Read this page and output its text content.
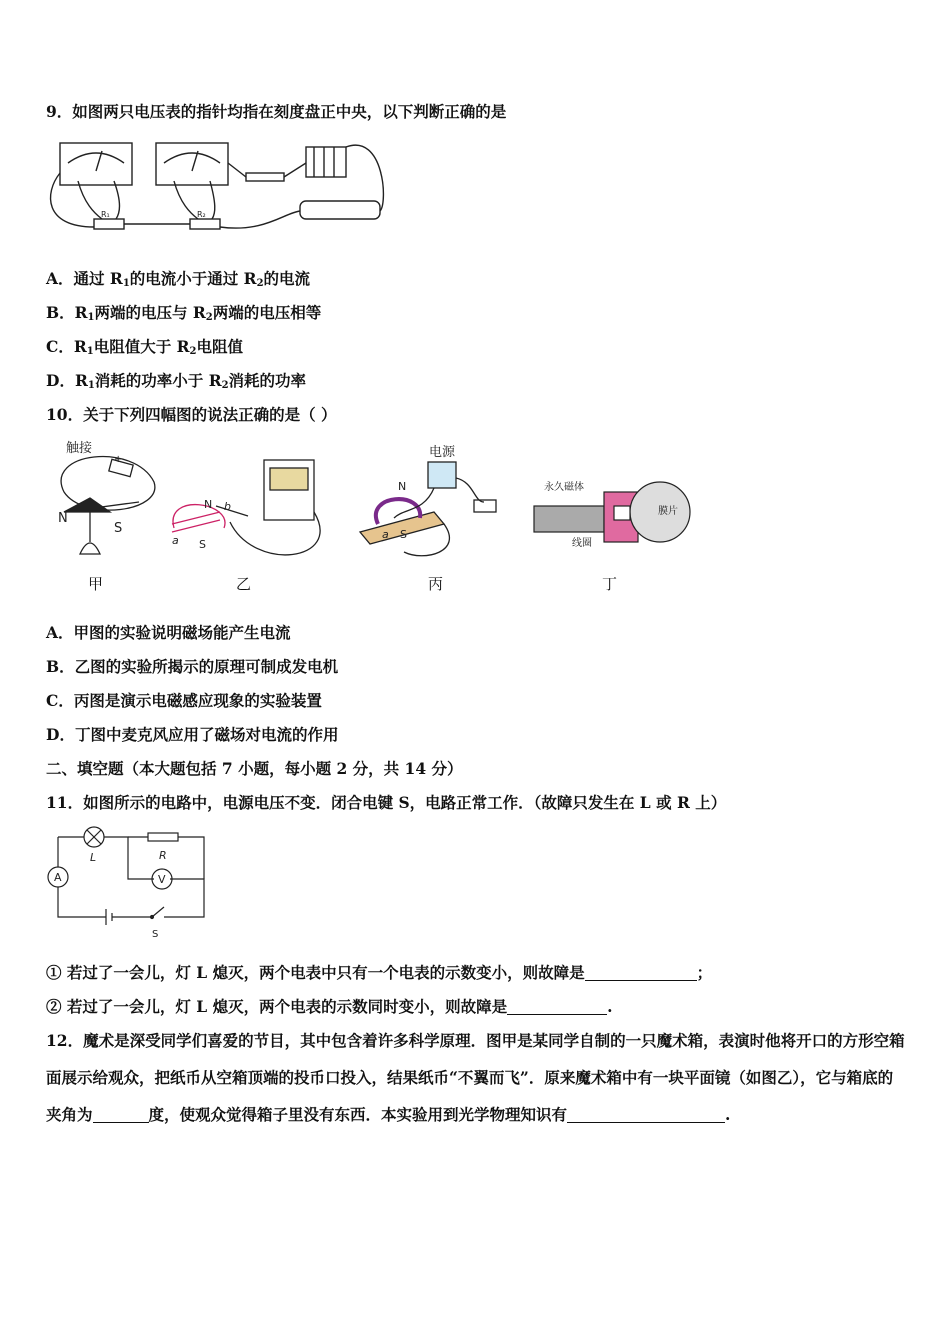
9．如图两只电压表的指针均指在刻度盘正中央，以下判断正确的是
R₁	R₂
A．通过 $R_1$的电流小于通过 $R_2$的电流
B．$R_1$两端的电压与 $R_2$两端的电压相等
C．$R_1$电阻值大于 $R_2$电阻值
D．$R_1$消耗的功率小于 $R_2$消耗的功率
10．关于下列四幅图的说法正确的是（ ）
触接
+
N
S
N b
a S
电源
N
a S
永久磁体
线圈
膜片
甲	乙	丙	丁
A．甲图的实验说明磁场能产生电流
B．乙图的实验所揭示的原理可制成发电机
C．丙图是演示电磁感应现象的实验装置
D．丁图中麦克风应用了磁场对电流的作用
二、填空题（本大题包括 7 小题，每小题 2 分，共 14 分）
11．如图所示的电路中，电源电压不变．闭合电键 S，电路正常工作．（故障只发生在 L 或 R 上）
A	V
L	R
S
① 若过了一会儿，灯 L 熄灭，两个电表中只有一个电表的示数变小，则故障是	；
② 若过了一会儿，灯 L 熄灭，两个电表的示数同时变小，则故障是	.
12．魔术是深受同学们喜爱的节目，其中包含着许多科学原理．图甲是某同学自制的一只魔术箱，表演时他将开口的方形空箱面展示给观众，把纸币从空箱顶端的投币口投入，结果纸币“不翼而飞”．原来魔术箱中有一块平面镜（如图乙），它与箱底的夹角为	度，使观众觉得箱子里没有东西．本实验用到光学物理知识有	.
